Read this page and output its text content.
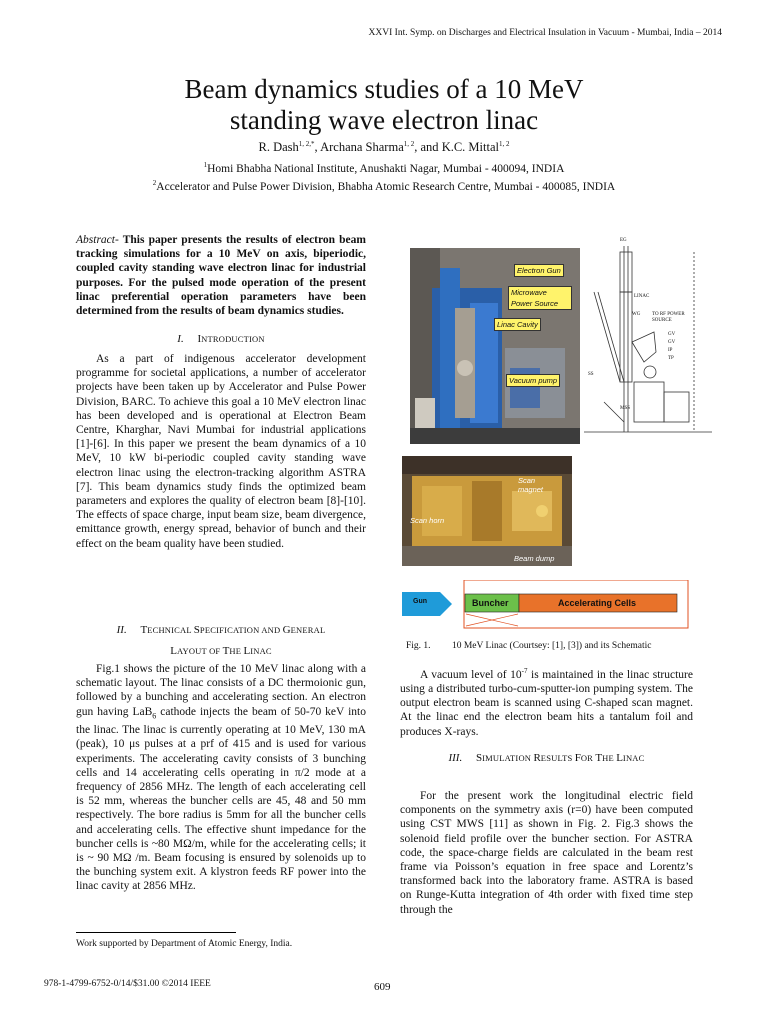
XXVI Int. Symp. on Discharges and Electrical Insulation in Vacuum - Mumbai, India – 2014
Beam dynamics studies of a 10 MeV
standing wave electron linac
R. Dash$^{1, 2,*}$, Archana Sharma$^{1, 2}$, and K.C. Mittal$^{1, 2}$
$^1$Homi Bhabha National Institute, Anushakti Nagar, Mumbai - 400094, INDIA
$^2$Accelerator and Pulse Power Division, Bhabha Atomic Research Centre, Mumbai - 400085, INDIA
Abstract- This paper presents the results of electron beam tracking simulations for a 10 MeV on axis, biperiodic, coupled cavity standing wave electron linac for industrial purposes. For the pulsed mode operation of the present linac preferential operation parameters have been determined from the results of beam dynamics studies.
I. INTRODUCTION

As a part of indigenous accelerator development programme for societal applications, a number of accelerator projects have been taken up by Accelerator and Pulse Power Division, BARC. To achieve this goal a 10 MeV electron linac has been developed and is operational at Electron Beam Centre, Kharghar, Navi Mumbai for industrial applications [1]-[6]. In this paper we present the beam dynamics of a 10 MeV, 10 kW bi-periodic coupled cavity standing wave electron linac using the electron-tracking algorithm ASTRA [7]. This beam dynamics study finds the optimized beam parameters and explores the quality of electron beam [8]-[10]. The effects of space charge, input beam size, beam divergence, emittance growth, energy spread, behavior of bunch and their effect on the beam quality have been studied.

II. TECHNICAL SPECIFICATION AND GENERAL
LAYOUT OF THE LINAC

Fig.1 shows the picture of the 10 MeV linac along with a schematic layout. The linac consists of a DC thermoionic gun, followed by a bunching and accelerating section. An electron gun having LaB$_6$ cathode injects the beam of 50-70 keV into the linac. The linac is currently operating at 10 MeV, 130 mA (peak), 10 μs pulses at a prf of 415 and is used for various experiments. The accelerating cavity consists of 3 bunching cells and 14 accelerating cells operating in π/2 mode at a frequency of 2856 MHz. The length of each accelerating cell is 52 mm, whereas the buncher cells are 45, 48 and 50 mm respectively. The bore radius is 5mm for all the buncher cells and accelerating cells. The effective shunt impedance for the buncher cells is ~80 MΩ/m, while for the accelerating cells; it is ~ 90 MΩ /m. Beam focusing is ensured by solenoids up to the bunching system exit. A klystron feeds RF power into the linac cavity at 2856 MHz.

Work supported by Department of Atomic Energy, India.
978-1-4799-6752-0/14/$31.00 ©2014 IEEE	609
Electron Gun
Microwave Power Source
Linac Cavity
Vacuum pump
EG
LINAC
WG TO RF POWER SOURCE
GV
GV
IP
TP
MSS
SS
Scan magnet
Scan horn
Beam dump
Gun	Buncher	Accelerating Cells
Fig. 1. 10 MeV Linac (Courtsey: [1], [3]) and its Schematic

A vacuum level of $10^{-7}$ is maintained in the linac structure using a distributed turbo-cum-sputter-ion pumping system. The output electron beam is scanned using C-shaped scan magnet. At the linac end the electron beam hits a tantalum foil and produces X-rays.

III. SIMULATION RESULTS FOR THE LINAC

For the present work the longitudinal electric field components on the symmetry axis (r=0) have been computed using CST MWS [11] as shown in Fig. 2. Fig.3 shows the solenoid field profile over the buncher section. For ASTRA code, the space-charge fields are calculated in the beam rest frame via Poisson’s equation in free space and Lorentz’s transformed back into the laboratory frame. ASTRA is based on Runge-Kutta integration of 4th order with fixed time step through the
